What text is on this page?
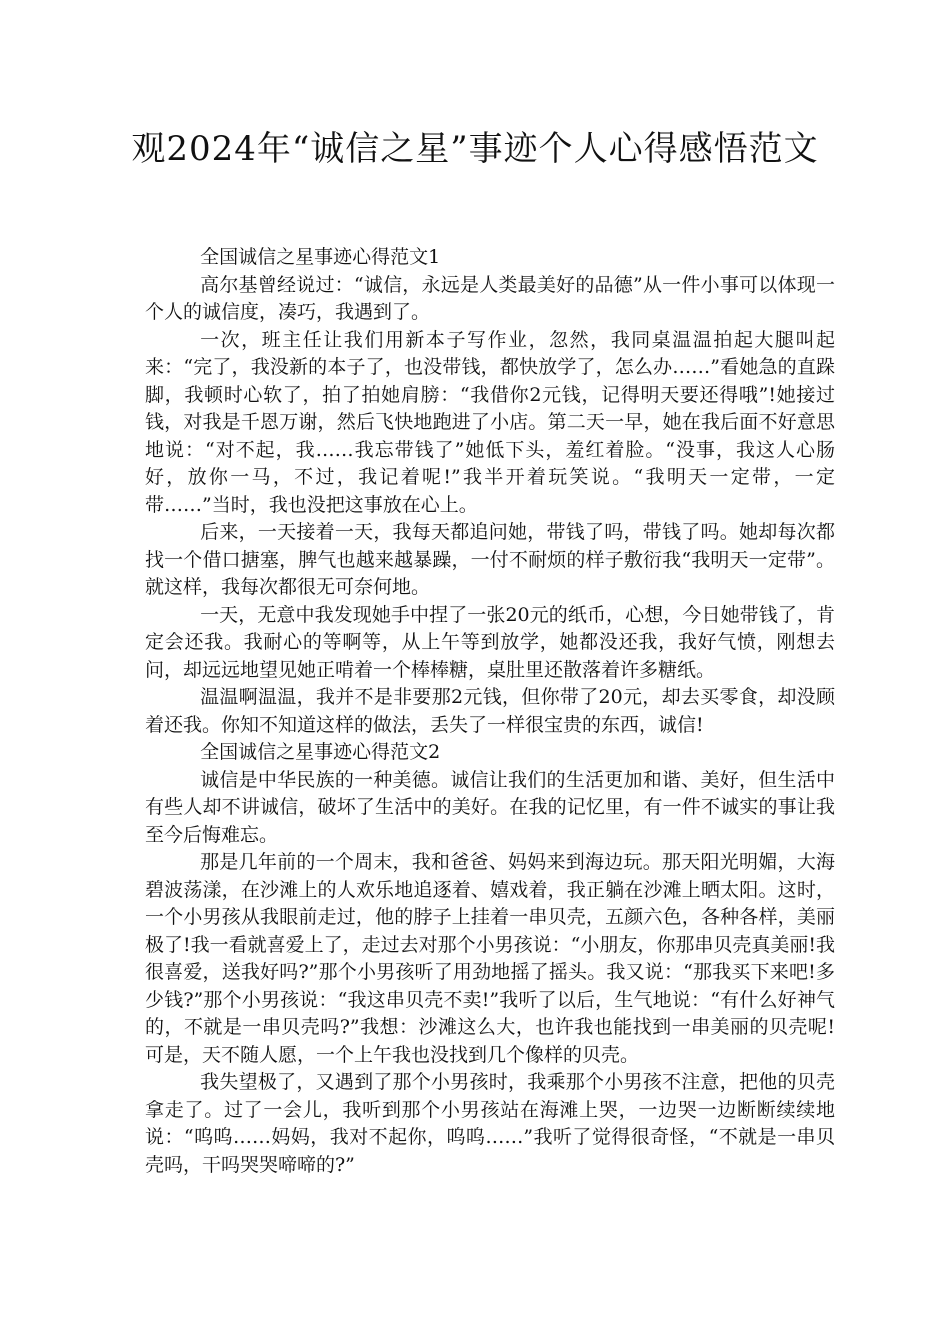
观2024年“诚信之星”事迹个人心得感悟范文

全国诚信之星事迹心得范文1

高尔基曾经说过：“诚信，永远是人类最美好的品德”从一件小事可以体现一个人的诚信度，凑巧，我遇到了。

一次，班主任让我们用新本子写作业，忽然，我同桌温温拍起大腿叫起来：“完了，我没新的本子了，也没带钱，都快放学了，怎么办……”看她急的直跺脚，我顿时心软了，拍了拍她肩膀：“我借你2元钱，记得明天要还得哦”!她接过钱，对我是千恩万谢，然后飞快地跑进了小店。第二天一早，她在我后面不好意思地说：“对不起，我……我忘带钱了”她低下头，羞红着脸。“没事，我这人心肠好，放你一马，不过，我记着呢!”我半开着玩笑说。“我明天一定带，一定带……”当时，我也没把这事放在心上。

后来，一天接着一天，我每天都追问她，带钱了吗，带钱了吗。她却每次都找一个借口搪塞，脾气也越来越暴躁，一付不耐烦的样子敷衍我“我明天一定带”。就这样，我每次都很无可奈何地。

一天，无意中我发现她手中捏了一张20元的纸币，心想，今日她带钱了，肯定会还我。我耐心的等啊等，从上午等到放学，她都没还我，我好气愤，刚想去问，却远远地望见她正啃着一个棒棒糖，桌肚里还散落着许多糖纸。

温温啊温温，我并不是非要那2元钱，但你带了20元，却去买零食，却没顾着还我。你知不知道这样的做法，丢失了一样很宝贵的东西，诚信!

全国诚信之星事迹心得范文2

诚信是中华民族的一种美德。诚信让我们的生活更加和谐、美好，但生活中有些人却不讲诚信，破坏了生活中的美好。在我的记忆里，有一件不诚实的事让我至今后悔难忘。

那是几年前的一个周末，我和爸爸、妈妈来到海边玩。那天阳光明媚，大海碧波荡漾，在沙滩上的人欢乐地追逐着、嬉戏着，我正躺在沙滩上晒太阳。这时，一个小男孩从我眼前走过，他的脖子上挂着一串贝壳，五颜六色，各种各样，美丽极了!我一看就喜爱上了，走过去对那个小男孩说：“小朋友，你那串贝壳真美丽!我很喜爱，送我好吗?”那个小男孩听了用劲地摇了摇头。我又说：“那我买下来吧!多少钱?”那个小男孩说：“我这串贝壳不卖!”我听了以后，生气地说：“有什么好神气的，不就是一串贝壳吗?”我想：沙滩这么大，也许我也能找到一串美丽的贝壳呢!可是，天不随人愿，一个上午我也没找到几个像样的贝壳。

我失望极了，又遇到了那个小男孩时，我乘那个小男孩不注意，把他的贝壳拿走了。过了一会儿，我听到那个小男孩站在海滩上哭，一边哭一边断断续续地说：“呜呜……妈妈，我对不起你，呜呜……”我听了觉得很奇怪，“不就是一串贝壳吗，干吗哭哭啼啼的?”
